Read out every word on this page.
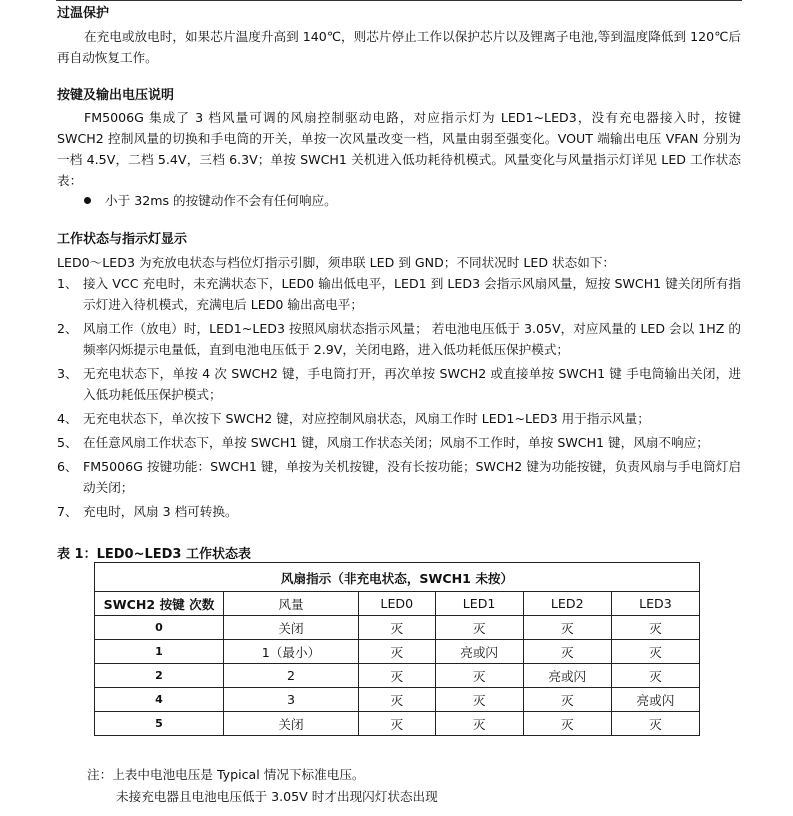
过温保护
在充电或放电时，如果芯片温度升高到 140℃，则芯片停止工作以保护芯片以及锂离子电池,等到温度降低到 120℃后再自动恢复工作。
按键及输出电压说明
FM5006G 集成了 3 档风量可调的风扇控制驱动电路，对应指示灯为 LED1~LED3，没有充电器接入时，按键 SWCH2 控制风量的切换和手电筒的开关，单按一次风量改变一档，风量由弱至强变化。VOUT 端输出电压 VFAN 分别为一档 4.5V，二档 5.4V，三档 6.3V；单按 SWCH1 关机进入低功耗待机模式。风量变化与风量指示灯详见 LED 工作状态表：
小于 32ms 的按键动作不会有任何响应。
工作状态与指示灯显示
LED0～LED3 为充放电状态与档位灯指示引脚，须串联 LED 到 GND；不同状况时 LED 状态如下：
1、 接入 VCC 充电时，未充满状态下，LED0 输出低电平，LED1 到 LED3 会指示风扇风量，短按 SWCH1 键关闭所有指示灯进入待机模式，充满电后 LED0 输出高电平；
2、 风扇工作（放电）时，LED1~LED3 按照风扇状态指示风量； 若电池电压低于 3.05V，对应风量的 LED 会以 1HZ 的频率闪烁提示电量低，直到电池电压低于 2.9V，关闭电路，进入低功耗低压保护模式；
3、 无充电状态下，单按 4 次 SWCH2 键，手电筒打开，再次单按 SWCH2 或直接单按 SWCH1 键 手电筒输出关闭，进入低功耗低压保护模式；
4、 无充电状态下，单次按下 SWCH2 键，对应控制风扇状态，风扇工作时 LED1~LED3 用于指示风量；
5、 在任意风扇工作状态下，单按 SWCH1 键，风扇工作状态关闭；风扇不工作时，单按 SWCH1 键，风扇不响应；
6、 FM5006G 按键功能：SWCH1 键，单按为关机按键，没有长按功能；SWCH2 键为功能按键，负责风扇与手电筒灯启动关闭；
7、 充电时，风扇 3 档可转换。
表 1：LED0~LED3 工作状态表
风扇指示（非充电状态，SWCH1 未按）					
SWCH2 按键 次数	风量	LED0	LED1	LED2	LED3
0	关闭	灭	灭	灭	灭
1	1（最小）	灭	亮或闪	灭	灭
2	2	灭	灭	亮或闪	灭
4	3	灭	灭	灭	亮或闪
5	关闭	灭	灭	灭	灭
注：上表中电池电压是 Typical 情况下标准电压。
未接充电器且电池电压低于 3.05V 时才出现闪灯状态出现
